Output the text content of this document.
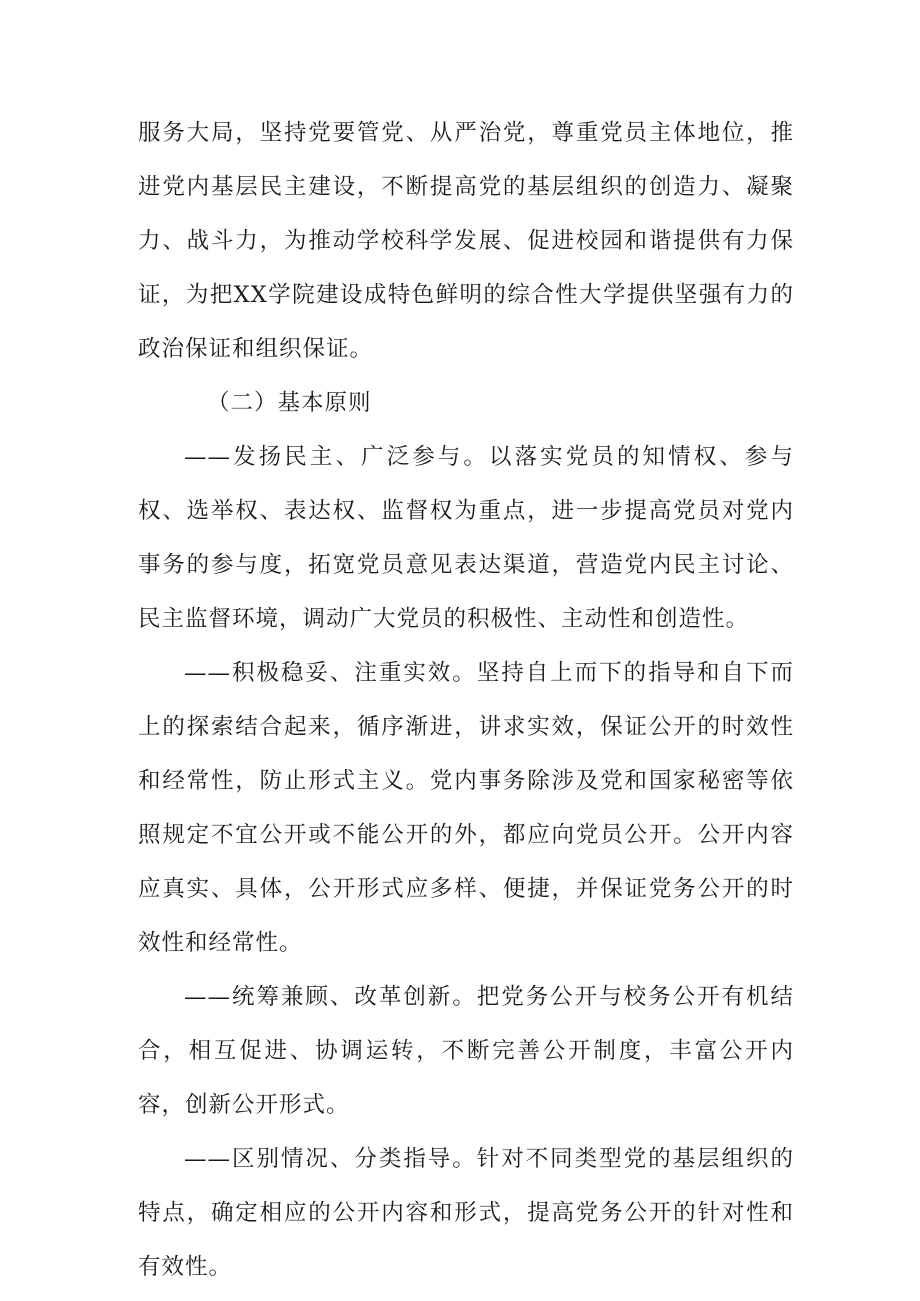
服务大局，坚持党要管党、从严治党，尊重党员主体地位，推进党内基层民主建设，不断提高党的基层组织的创造力、凝聚力、战斗力，为推动学校科学发展、促进校园和谐提供有力保证，为把XX学院建设成特色鲜明的综合性大学提供坚强有力的政治保证和组织保证。

（二）基本原则

——发扬民主、广泛参与。以落实党员的知情权、参与权、选举权、表达权、监督权为重点，进一步提高党员对党内事务的参与度，拓宽党员意见表达渠道，营造党内民主讨论、民主监督环境，调动广大党员的积极性、主动性和创造性。

——积极稳妥、注重实效。坚持自上而下的指导和自下而上的探索结合起来，循序渐进，讲求实效，保证公开的时效性和经常性，防止形式主义。党内事务除涉及党和国家秘密等依照规定不宜公开或不能公开的外，都应向党员公开。公开内容应真实、具体，公开形式应多样、便捷，并保证党务公开的时效性和经常性。

——统筹兼顾、改革创新。把党务公开与校务公开有机结合，相互促进、协调运转，不断完善公开制度，丰富公开内容，创新公开形式。

——区别情况、分类指导。针对不同类型党的基层组织的特点，确定相应的公开内容和形式，提高党务公开的针对性和有效性。
